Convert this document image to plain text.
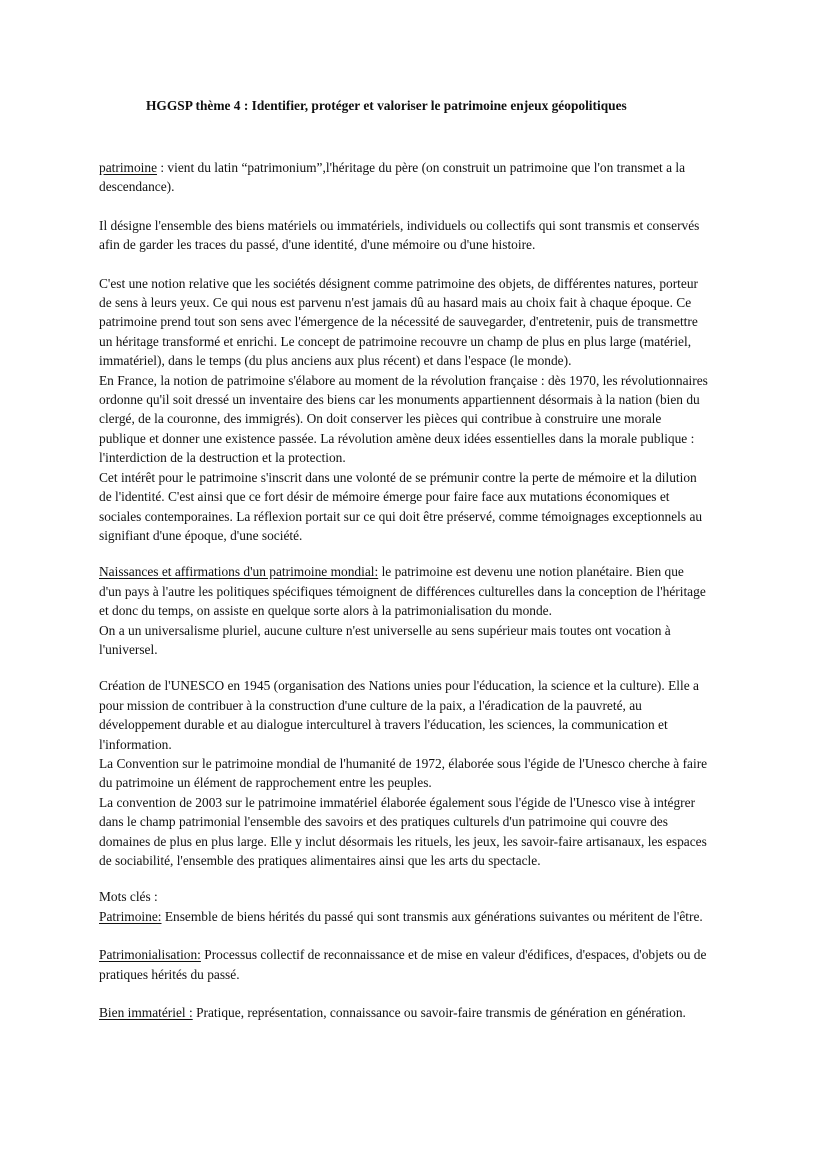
HGGSP thème 4 : Identifier, protéger et valoriser le patrimoine enjeux géopolitiques

patrimoine : vient du latin “patrimonium”,l'héritage du père (on construit un patrimoine que l'on transmet a la descendance).

Il désigne l'ensemble des biens matériels ou immatériels, individuels ou collectifs qui sont transmis et conservés afin de garder les traces du passé, d'une identité, d'une mémoire ou d'une histoire.

C'est une notion relative que les sociétés désignent comme patrimoine des objets, de différentes natures, porteur de sens à leurs yeux. Ce qui nous est parvenu n'est jamais dû au hasard mais au choix fait à chaque époque. Ce patrimoine prend tout son sens avec l'émergence de la nécessité de sauvegarder, d'entretenir, puis de transmettre un héritage transformé et enrichi. Le concept de patrimoine recouvre un champ de plus en plus large (matériel, immatériel), dans le temps (du plus anciens aux plus récent) et dans l'espace (le monde).
En France, la notion de patrimoine s'élabore au moment de la révolution française : dès 1970, les révolutionnaires ordonne qu'il soit dressé un inventaire des biens car les monuments appartiennent désormais à la nation (bien du clergé, de la couronne, des immigrés). On doit conserver les pièces qui contribue à construire une morale publique et donner une existence passée. La révolution amène deux idées essentielles dans la morale publique : l'interdiction de la destruction et la protection.
Cet intérêt pour le patrimoine s'inscrit dans une volonté de se prémunir contre la perte de mémoire et la dilution de l'identité. C'est ainsi que ce fort désir de mémoire émerge pour faire face aux mutations économiques et sociales contemporaines. La réflexion portait sur ce qui doit être préservé, comme témoignages exceptionnels au signifiant d'une époque, d'une société.

Naissances et affirmations d'un patrimoine mondial: le patrimoine est devenu une notion planétaire. Bien que d'un pays à l'autre les politiques spécifiques témoignent de différences culturelles dans la conception de l'héritage et donc du temps, on assiste en quelque sorte alors à la patrimonialisation du monde.
On a un universalisme pluriel, aucune culture n'est universelle au sens supérieur mais toutes ont vocation à l'universel.

Création de l'UNESCO en 1945 (organisation des Nations unies pour l'éducation, la science et la culture). Elle a pour mission de contribuer à la construction d'une culture de la paix, a l'éradication de la pauvreté, au développement durable et au dialogue interculturel à travers l'éducation, les sciences, la communication et l'information.
La Convention sur le patrimoine mondial de l'humanité de 1972, élaborée sous l'égide de l'Unesco cherche à faire du patrimoine un élément de rapprochement entre les peuples.
La convention de 2003 sur le patrimoine immatériel élaborée également sous l'égide de l'Unesco vise à intégrer dans le champ patrimonial l'ensemble des savoirs et des pratiques culturels d'un patrimoine qui couvre des domaines de plus en plus large. Elle y inclut désormais les rituels, les jeux, les savoir-faire artisanaux, les espaces de sociabilité, l'ensemble des pratiques alimentaires ainsi que les arts du spectacle.

Mots clés :
Patrimoine: Ensemble de biens hérités du passé qui sont transmis aux générations suivantes ou méritent de l'être.

Patrimonialisation: Processus collectif de reconnaissance et de mise en valeur d'édifices, d'espaces, d'objets ou de pratiques hérités du passé.

Bien immatériel : Pratique, représentation, connaissance ou savoir-faire transmis de génération en génération.
